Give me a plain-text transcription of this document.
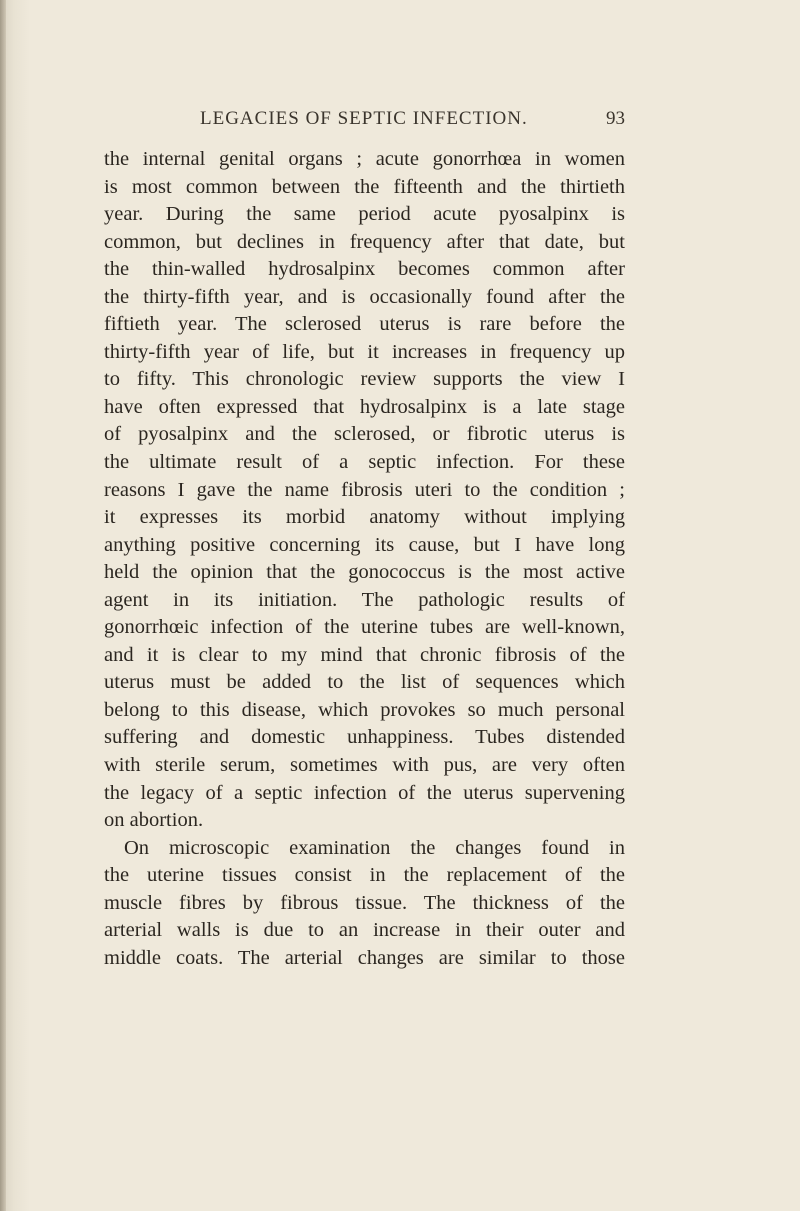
LEGACIES OF SEPTIC INFECTION.	93
the internal genital organs ; acute gonorrhœa in women
is most common between the fifteenth and the thirtieth
year. During the same period acute pyosalpinx is
common, but declines in frequency after that date, but
the thin-walled hydrosalpinx becomes common after
the thirty-fifth year, and is occasionally found after the
fiftieth year. The sclerosed uterus is rare before the
thirty-fifth year of life, but it increases in frequency up
to fifty. This chronologic review supports the view I
have often expressed that hydrosalpinx is a late stage
of pyosalpinx and the sclerosed, or fibrotic uterus is
the ultimate result of a septic infection. For these
reasons I gave the name fibrosis uteri to the condition ;
it expresses its morbid anatomy without implying
anything positive concerning its cause, but I have long
held the opinion that the gonococcus is the most active
agent in its initiation. The pathologic results of
gonorrhœic infection of the uterine tubes are well-known,
and it is clear to my mind that chronic fibrosis of the
uterus must be added to the list of sequences which
belong to this disease, which provokes so much personal
suffering and domestic unhappiness. Tubes distended
with sterile serum, sometimes with pus, are very often
the legacy of a septic infection of the uterus supervening
on abortion.
On microscopic examination the changes found in
the uterine tissues consist in the replacement of the
muscle fibres by fibrous tissue. The thickness of the
arterial walls is due to an increase in their outer and
middle coats. The arterial changes are similar to those
